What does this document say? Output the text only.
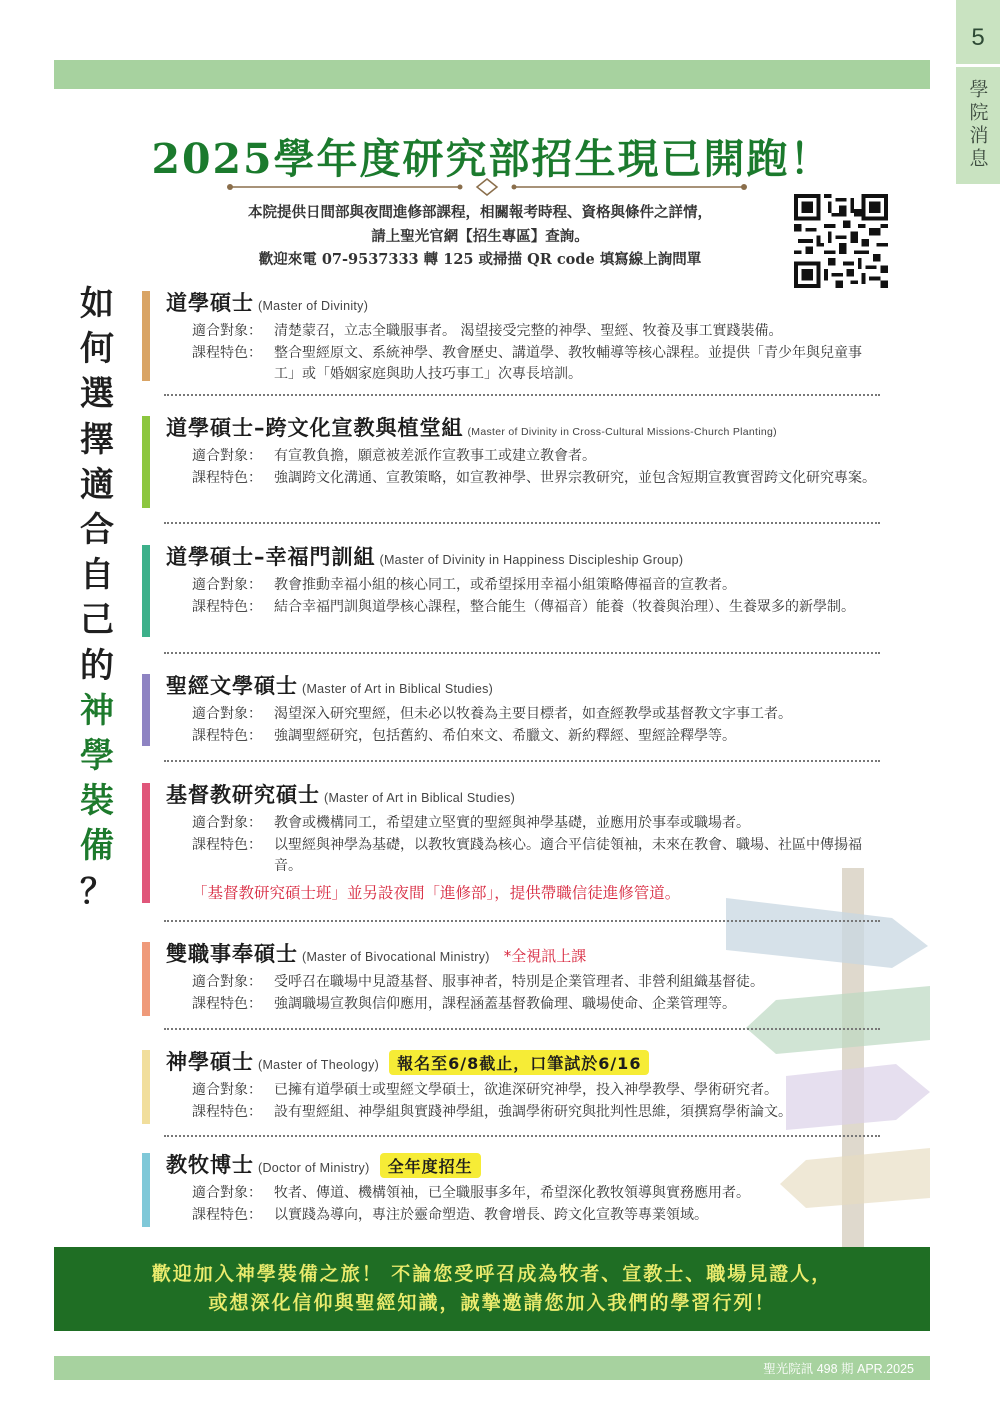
5
學院消息
2025學年度研究部招生現已開跑！
本院提供日間部與夜間進修部課程，相關報考時程、資格與條件之詳情，
請上聖光官網【招生專區】查詢。
歡迎來電 07-9537333 轉 125 或掃描 QR code 填寫線上詢問單
如
何
選
擇
適
合
自
己
的
神
學
裝
備
？
道學碩士 (Master of Divinity)
適合對象： 清楚蒙召，立志全職服事者。 渴望接受完整的神學、聖經、牧養及事工實踐裝備。
課程特色： 整合聖經原文、系統神學、教會歷史、講道學、教牧輔導等核心課程。並提供「青少年與兒童事工」或「婚姻家庭與助人技巧事工」次專長培訓。
道學碩士–跨文化宣教與植堂組 (Master of Divinity in Cross-Cultural Missions-Church Planting)
適合對象： 有宣教負擔，願意被差派作宣教事工或建立教會者。
課程特色： 強調跨文化溝通、宣教策略，如宣教神學、世界宗教研究，並包含短期宣教實習跨文化研究專案。
道學碩士–幸福門訓組 (Master of Divinity in Happiness Discipleship Group)
適合對象： 教會推動幸福小組的核心同工，或希望採用幸福小組策略傳福音的宣教者。
課程特色： 結合幸福門訓與道學核心課程，整合能生（傳福音）能養（牧養與治理）、生養眾多的新學制。
聖經文學碩士 (Master of Art in Biblical Studies)
適合對象： 渴望深入研究聖經，但未必以牧養為主要目標者，如查經教學或基督教文字事工者。
課程特色： 強調聖經研究，包括舊約、希伯來文、希臘文、新約釋經、聖經詮釋學等。
基督教研究碩士 (Master of Art in Biblical Studies)
適合對象： 教會或機構同工，希望建立堅實的聖經與神學基礎，並應用於事奉或職場者。
課程特色： 以聖經與神學為基礎，以教牧實踐為核心。適合平信徒領袖，未來在教會、職場、社區中傳揚福音。
「基督教研究碩士班」並另設夜間「進修部」，提供帶職信徒進修管道。
雙職事奉碩士 (Master of Bivocational Ministry) *全視訊上課
適合對象： 受呼召在職場中見證基督、服事神者，特別是企業管理者、非營利組織基督徒。
課程特色： 強調職場宣教與信仰應用，課程涵蓋基督教倫理、職場使命、企業管理等。
神學碩士 (Master of Theology) 報名至6/8截止，口筆試於6/16
適合對象： 已擁有道學碩士或聖經文學碩士，欲進深研究神學，投入神學教學、學術研究者。
課程特色： 設有聖經組、神學組與實踐神學組，強調學術研究與批判性思維，須撰寫學術論文。
教牧博士 (Doctor of Ministry) 全年度招生
適合對象： 牧者、傳道、機構領袖，已全職服事多年，希望深化教牧領導與實務應用者。
課程特色： 以實踐為導向，專注於靈命塑造、教會增長、跨文化宣教等專業領域。
歡迎加入神學裝備之旅！ 不論您受呼召成為牧者、宣教士、職場見證人，
或想深化信仰與聖經知識，誠摯邀請您加入我們的學習行列！
聖光院訊 498 期 APR.2025
